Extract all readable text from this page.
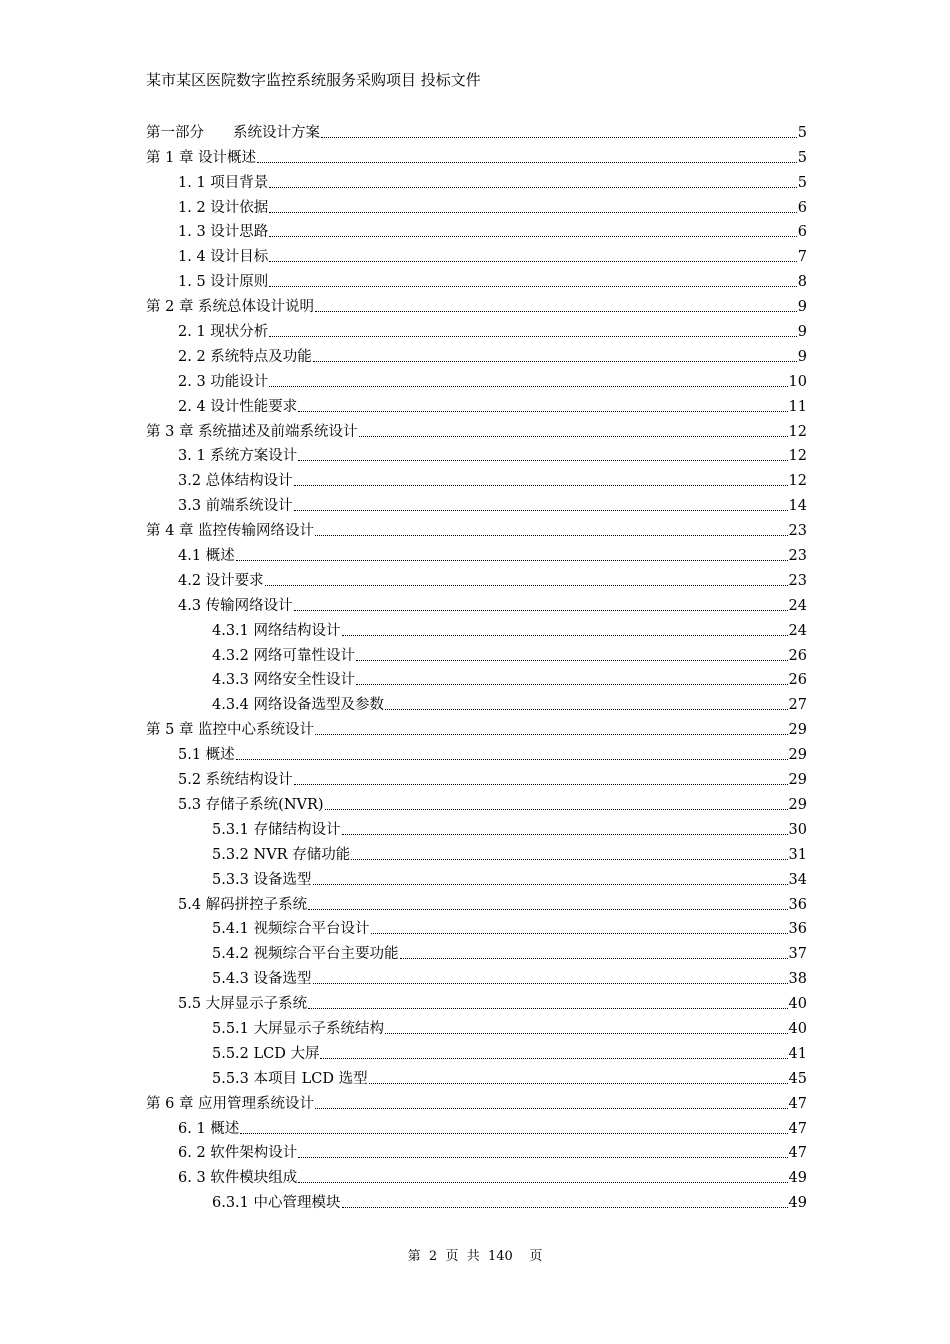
某市某区医院数字监控系统服务采购项目 投标文件
第一部分　　系统设计方案	5
第 1 章 设计概述	5
1. 1 项目背景	5
1. 2 设计依据	6
1. 3 设计思路	6
1. 4 设计目标	7
1. 5 设计原则	8
第 2 章 系统总体设计说明	9
2. 1 现状分析	9
2. 2 系统特点及功能	9
2. 3 功能设计	10
2. 4 设计性能要求	11
第 3 章 系统描述及前端系统设计	12
3. 1 系统方案设计	12
3.2 总体结构设计	12
3.3 前端系统设计	14
第 4 章 监控传输网络设计	23
4.1 概述	23
4.2 设计要求	23
4.3 传输网络设计	24
4.3.1 网络结构设计	24
4.3.2 网络可靠性设计	26
4.3.3 网络安全性设计	26
4.3.4 网络设备选型及参数	27
第 5 章 监控中心系统设计	29
5.1 概述	29
5.2 系统结构设计	29
5.3 存储子系统(NVR)	29
5.3.1 存储结构设计	30
5.3.2 NVR 存储功能	31
5.3.3 设备选型	34
5.4 解码拼控子系统	36
5.4.1 视频综合平台设计	36
5.4.2 视频综合平台主要功能	37
5.4.3 设备选型	38
5.5 大屏显示子系统	40
5.5.1 大屏显示子系统结构	40
5.5.2 LCD 大屏	41
5.5.3 本项目 LCD 选型	45
第 6 章 应用管理系统设计	47
6. 1 概述	47
6. 2 软件架构设计	47
6. 3 软件模块组成	49
6.3.1 中心管理模块	49
第  2  页  共  140    页
